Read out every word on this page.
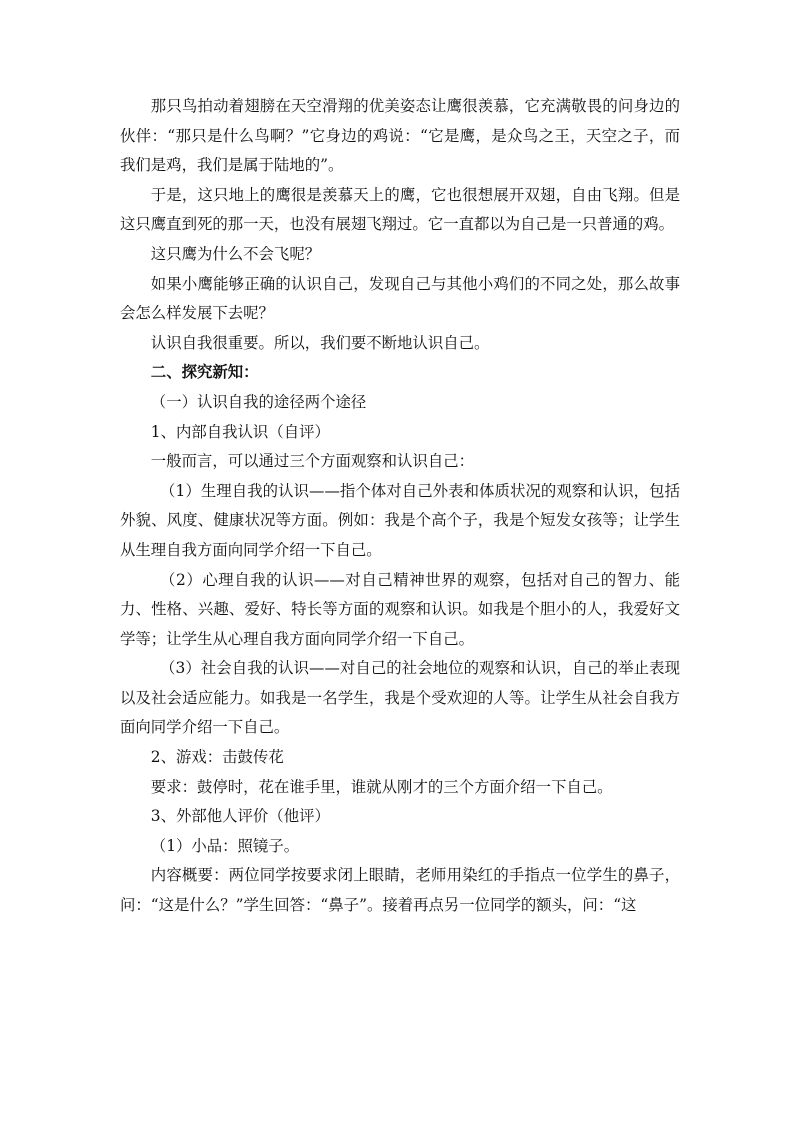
那只鸟拍动着翅膀在天空滑翔的优美姿态让鹰很羡慕，它充满敬畏的问身边的伙伴：“那只是什么鸟啊？”它身边的鸡说：“它是鹰，是众鸟之王，天空之子，而我们是鸡，我们是属于陆地的”。

于是，这只地上的鹰很是羡慕天上的鹰，它也很想展开双翅，自由飞翔。但是这只鹰直到死的那一天，也没有展翅飞翔过。它一直都以为自己是一只普通的鸡。

这只鹰为什么不会飞呢？

如果小鹰能够正确的认识自己，发现自己与其他小鸡们的不同之处，那么故事会怎么样发展下去呢？

认识自我很重要。所以，我们要不断地认识自己。

二、探究新知：

（一）认识自我的途径两个途径

1、内部自我认识（自评）

一般而言，可以通过三个方面观察和认识自己：

（1）生理自我的认识——指个体对自己外表和体质状况的观察和认识，包括外貌、风度、健康状况等方面。例如：我是个高个子，我是个短发女孩等；让学生从生理自我方面向同学介绍一下自己。

（2）心理自我的认识——对自己精神世界的观察，包括对自己的智力、能力、性格、兴趣、爱好、特长等方面的观察和认识。如我是个胆小的人，我爱好文学等；让学生从心理自我方面向同学介绍一下自己。

（3）社会自我的认识——对自己的社会地位的观察和认识，自己的举止表现以及社会适应能力。如我是一名学生，我是个受欢迎的人等。让学生从社会自我方面向同学介绍一下自己。

2、游戏：击鼓传花

要求：鼓停时，花在谁手里，谁就从刚才的三个方面介绍一下自己。

3、外部他人评价（他评）

（1）小品：照镜子。

内容概要：两位同学按要求闭上眼睛，老师用染红的手指点一位学生的鼻子，问：“这是什么？”学生回答：“鼻子”。接着再点另一位同学的额头，问：“这
